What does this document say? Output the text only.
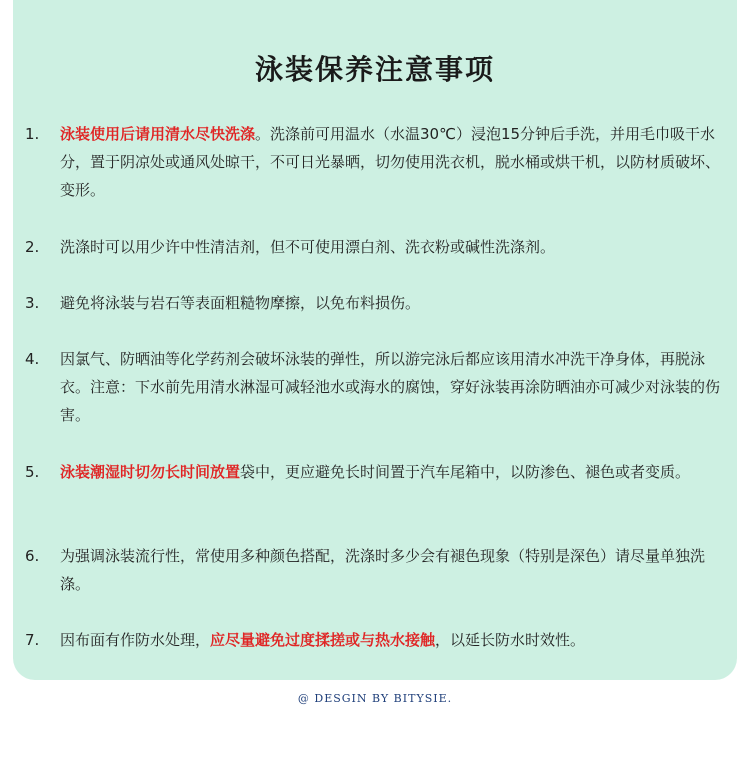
泳装保养注意事项
1. 泳装使用后请用清水尽快洗涤。洗涤前可用温水（水温30℃）浸泡15分钟后手洗，并用毛巾吸干水分，置于阴凉处或通风处晾干，不可日光暴晒，切勿使用洗衣机，脱水桶或烘干机，以防材质破坏、变形。

2. 洗涤时可以用少许中性清洁剂，但不可使用漂白剂、洗衣粉或碱性洗涤剂。

3. 避免将泳装与岩石等表面粗糙物摩擦，以免布料损伤。

4. 因氯气、防晒油等化学药剂会破坏泳装的弹性，所以游完泳后都应该用清水冲洗干净身体，再脱泳衣。注意：下水前先用清水淋湿可减轻池水或海水的腐蚀，穿好泳装再涂防晒油亦可减少对泳装的伤害。

5. 泳装潮湿时切勿长时间放置袋中，更应避免长时间置于汽车尾箱中，以防渗色、褪色或者变质。

6. 为强调泳装流行性，常使用多种颜色搭配，洗涤时多少会有褪色现象（特别是深色）请尽量单独洗涤。

7. 因布面有作防水处理，应尽量避免过度揉搓或与热水接触，以延长防水时效性。

@ DESGIN BY BITYSIE.
